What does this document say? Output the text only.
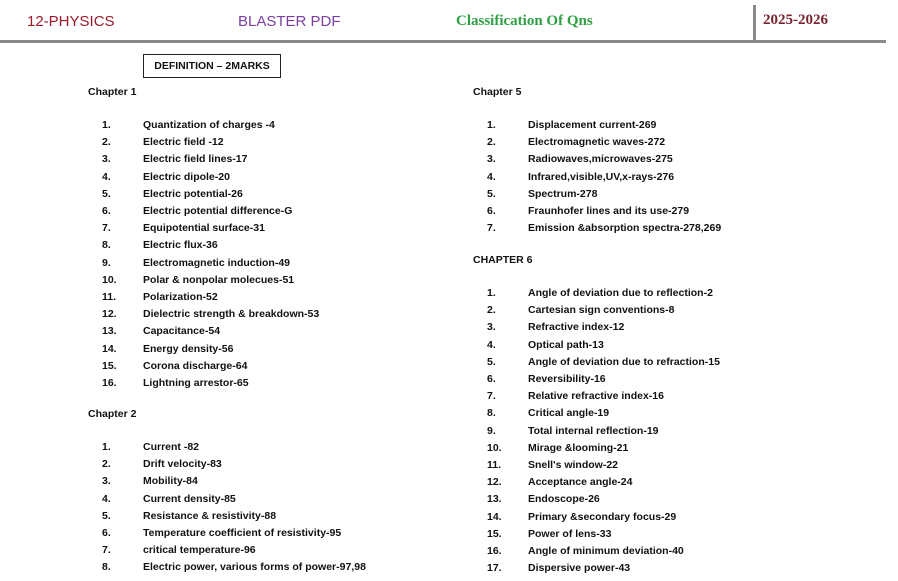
12-PHYSICS	BLASTER PDF	Classification Of Qns	2025-2026
DEFINITION – 2MARKS
Chapter 1
1.	Quantization of charges -4
2.	Electric field -12
3.	Electric field lines-17
4.	Electric dipole-20
5.	Electric potential-26
6.	Electric potential difference-G
7.	Equipotential surface-31
8.	Electric flux-36
9.	Electromagnetic induction-49
10.	Polar & nonpolar molecues-51
11.	Polarization-52
12.	Dielectric strength & breakdown-53
13.	Capacitance-54
14.	Energy density-56
15.	Corona discharge-64
16.	Lightning arrestor-65
Chapter 2
1.	Current -82
2.	Drift velocity-83
3.	Mobility-84
4.	Current density-85
5.	Resistance & resistivity-88
6.	Temperature coefficient of resistivity-95
7.	critical temperature-96
8.	Electric power, various forms of power-97,98
Chapter 5
1.	Displacement current-269
2.	Electromagnetic waves-272
3.	Radiowaves,microwaves-275
4.	Infrared,visible,UV,x-rays-276
5.	Spectrum-278
6.	Fraunhofer lines and its use-279
7.	Emission &absorption spectra-278,269
CHAPTER 6
1.	Angle of deviation due to reflection-2
2.	Cartesian sign conventions-8
3.	Refractive index-12
4.	Optical path-13
5.	Angle of deviation due to refraction-15
6.	Reversibility-16
7.	Relative refractive index-16
8.	Critical angle-19
9.	Total internal reflection-19
10.	Mirage &looming-21
11.	Snell's window-22
12.	Acceptance angle-24
13.	Endoscope-26
14.	Primary &secondary focus-29
15.	Power of lens-33
16.	Angle of minimum deviation-40
17.	Dispersive power-43
